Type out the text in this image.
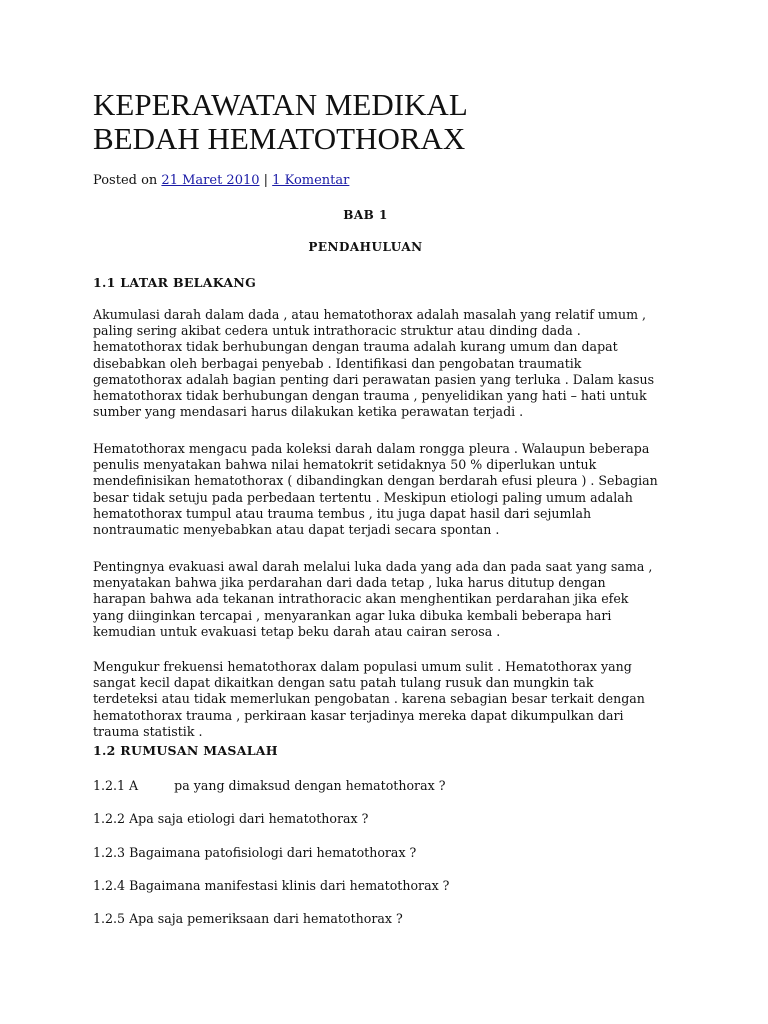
KEPERAWATAN MEDIKAL
BEDAH HEMATOTHORAX
Posted on 21 Maret 2010 | 1 Komentar
BAB 1
PENDAHULUAN
1.1 LATAR BELAKANG

Akumulasi darah dalam dada , atau hematothorax adalah masalah yang relatif umum , paling sering akibat cedera untuk intrathoracic struktur atau dinding dada . hematothorax tidak berhubungan dengan trauma adalah kurang umum dan dapat disebabkan oleh berbagai penyebab . Identifikasi dan pengobatan traumatik gematothorax adalah bagian penting dari perawatan pasien yang terluka . Dalam kasus hematothorax tidak berhubungan dengan trauma , penyelidikan yang hati – hati untuk sumber yang mendasari harus dilakukan ketika perawatan terjadi .

Hematothorax mengacu pada koleksi darah dalam rongga pleura . Walaupun beberapa penulis menyatakan bahwa nilai hematokrit setidaknya 50 % diperlukan untuk mendefinisikan hematothorax ( dibandingkan dengan berdarah efusi pleura ) . Sebagian besar tidak setuju pada perbedaan tertentu . Meskipun etiologi paling umum adalah hematothorax tumpul atau trauma tembus , itu juga dapat hasil dari sejumlah nontraumatic menyebabkan atau dapat terjadi secara spontan .

Pentingnya evakuasi awal darah melalui luka dada yang ada dan pada saat yang sama , menyatakan bahwa jika perdarahan dari dada tetap , luka harus ditutup dengan harapan bahwa ada tekanan intrathoracic akan menghentikan perdarahan jika efek yang diinginkan tercapai , menyarankan agar luka dibuka kembali beberapa hari kemudian untuk evakuasi tetap beku darah atau cairan serosa .

Mengukur frekuensi hematothorax dalam populasi umum sulit . Hematothorax yang sangat kecil dapat dikaitkan dengan satu patah tulang rusuk dan mungkin tak terdeteksi atau tidak memerlukan pengobatan . karena sebagian besar terkait dengan hematothorax trauma , perkiraan kasar terjadinya mereka dapat dikumpulkan dari trauma statistik .

1.2 RUMUSAN MASALAH
1.2.1 A	pa yang dimaksud dengan hematothorax ?
1.2.2 Apa saja etiologi dari hematothorax ?
1.2.3 Bagaimana patofisiologi dari hematothorax ?
1.2.4 Bagaimana manifestasi klinis dari hematothorax ?
1.2.5 Apa saja pemeriksaan dari hematothorax ?
